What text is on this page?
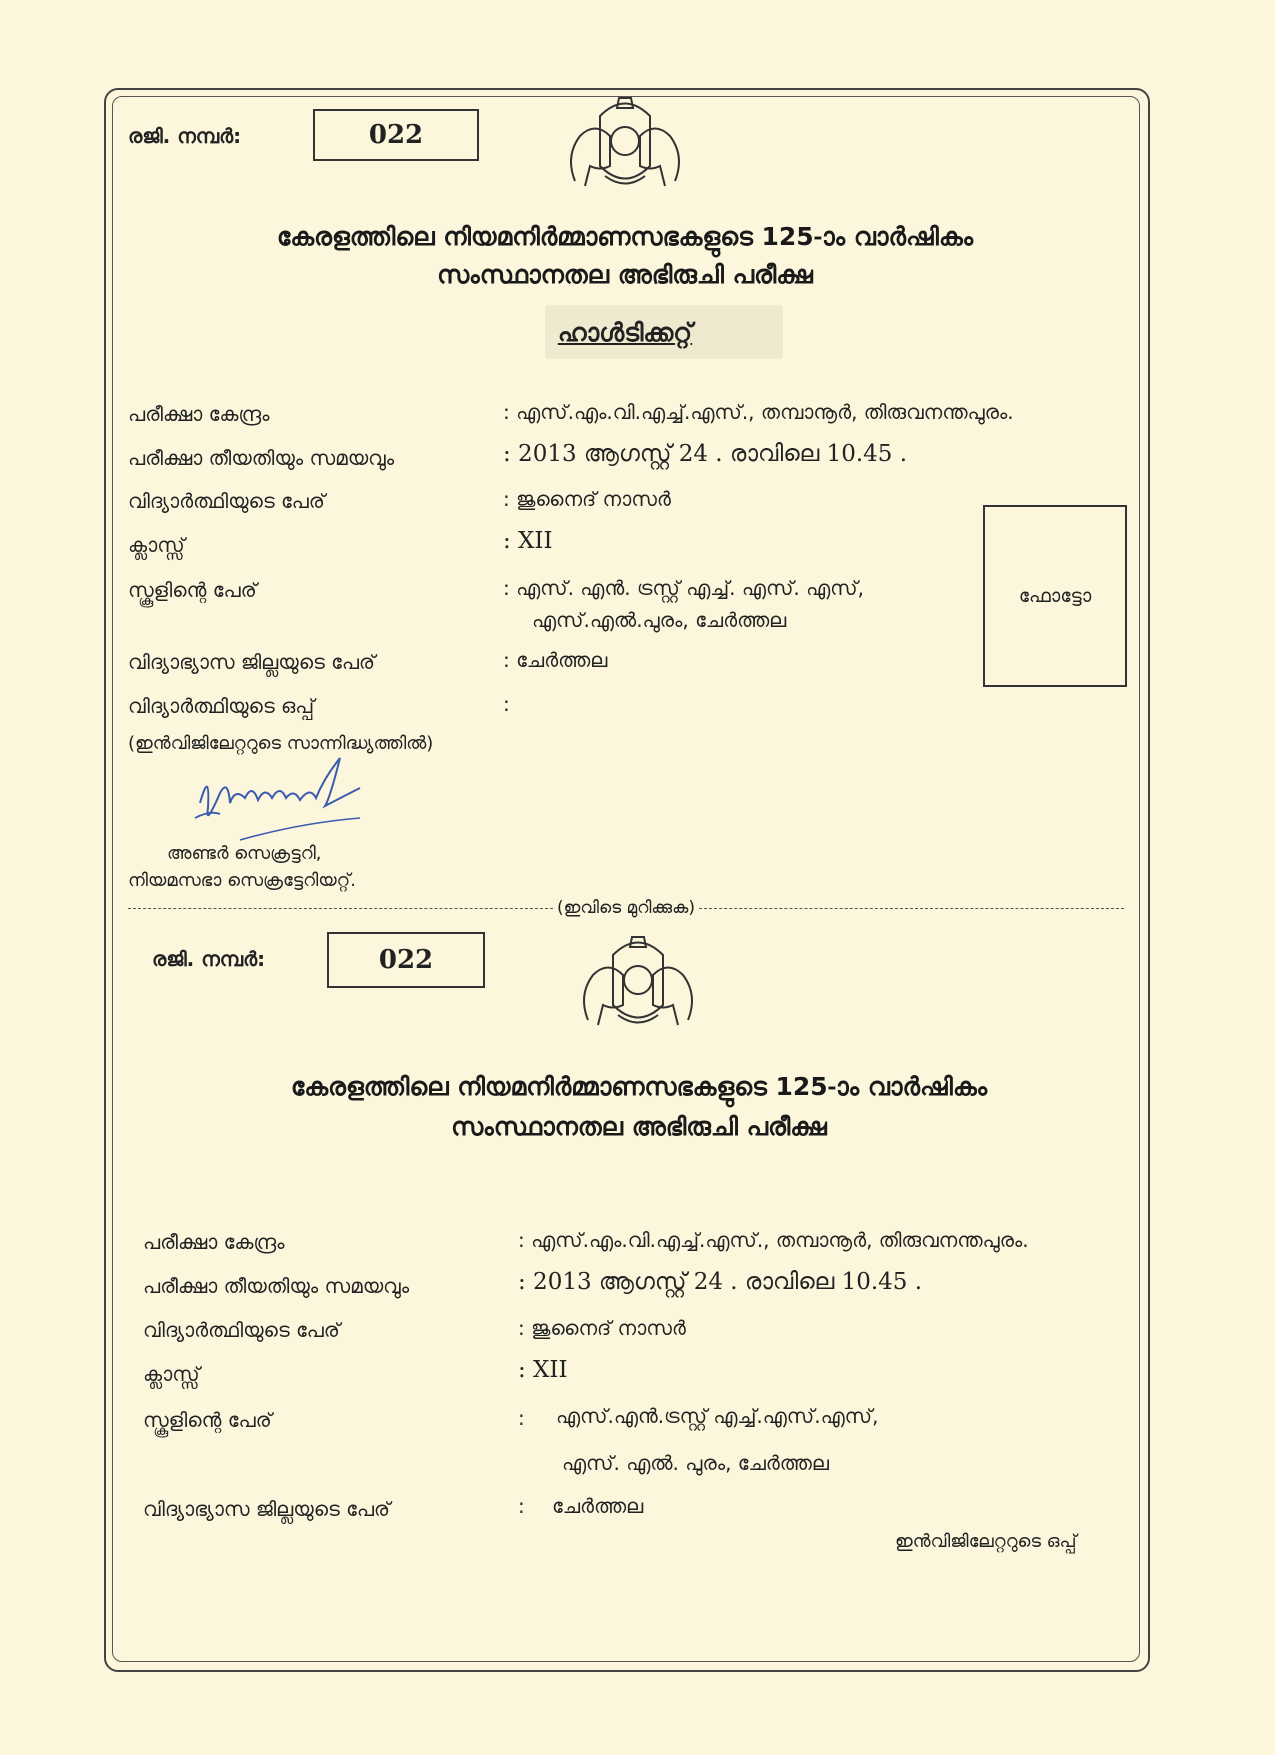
രജി. നമ്പർ:	022
കേരളത്തിലെ നിയമനിർമ്മാണസഭകളുടെ 125-ാം വാർഷികം
സംസ്ഥാനതല അഭിരുചി പരീക്ഷ
ഹാൾടിക്കറ്റ്
പരീക്ഷാ കേന്ദ്രം	: എസ്.എം.വി.എച്ച്.എസ്., തമ്പാനൂർ, തിരുവനന്തപുരം.
പരീക്ഷാ തീയതിയും സമയവും	: 2013 ആഗസ്റ്റ് 24 . രാവിലെ 10.45 .
വിദ്യാർത്ഥിയുടെ പേര്	: ജുനൈദ് നാസർ
ക്ലാസ്സ്	: XII
സ്കൂളിന്റെ പേര്	: എസ്. എൻ. ട്രസ്റ്റ് എച്ച്. എസ്. എസ്,
എസ്.എൽ.പുരം, ചേർത്തല
വിദ്യാഭ്യാസ ജില്ലയുടെ പേര്	: ചേർത്തല
വിദ്യാർത്ഥിയുടെ ഒപ്പ്	:
(ഇൻവിജിലേറ്ററുടെ സാന്നിദ്ധ്യത്തിൽ)
ഫോട്ടോ
അണ്ടർ സെക്രട്ടറി,
നിയമസഭാ സെക്രട്ടേറിയറ്റ്.
(ഇവിടെ മുറിക്കുക)
രജി. നമ്പർ:	022
കേരളത്തിലെ നിയമനിർമ്മാണസഭകളുടെ 125-ാം വാർഷികം
സംസ്ഥാനതല അഭിരുചി പരീക്ഷ
പരീക്ഷാ കേന്ദ്രം	: എസ്.എം.വി.എച്ച്.എസ്., തമ്പാനൂർ, തിരുവനന്തപുരം.
പരീക്ഷാ തീയതിയും സമയവും	: 2013 ആഗസ്റ്റ് 24 . രാവിലെ 10.45 .
വിദ്യാർത്ഥിയുടെ പേര്	: ജുനൈദ് നാസർ
ക്ലാസ്സ്	: XII
സ്കൂളിന്റെ പേര്	: എസ്.എൻ.ട്രസ്റ്റ് എച്ച്.എസ്.എസ്,
എസ്. എൽ. പുരം, ചേർത്തല
വിദ്യാഭ്യാസ ജില്ലയുടെ പേര്	: ചേർത്തല
ഇൻവിജിലേറ്ററുടെ ഒപ്പ്
